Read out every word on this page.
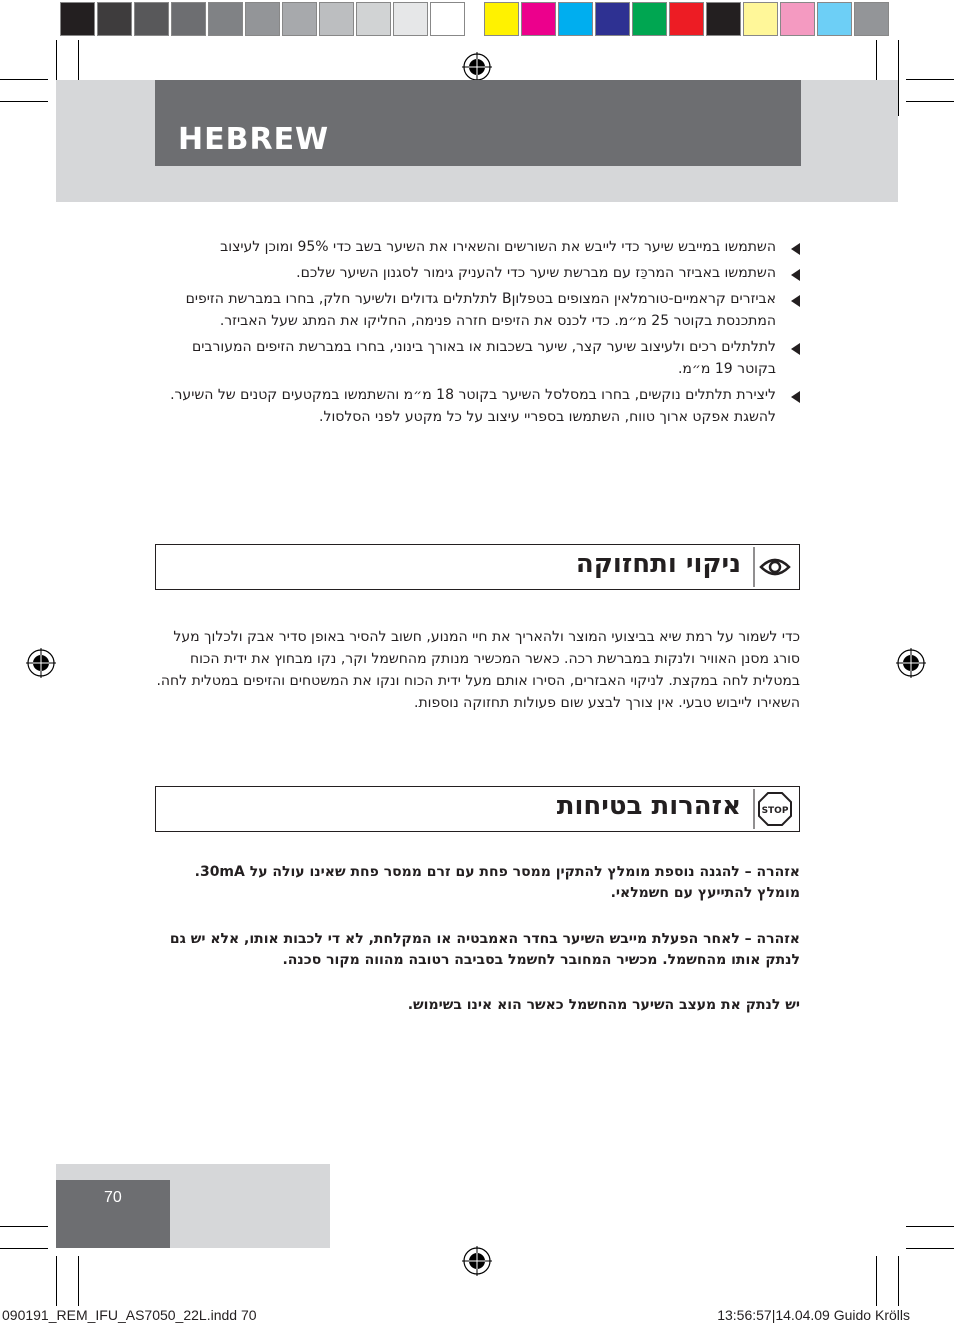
HEBREW
השתמשו במייבש שיער כדי לייבש את השורשים והשאירו את השיער בשב כדי 95% ומוכן לעיצוב
השתמשו באביזר המרכֵּז עם מברשת שיער כדי להעניק גימור לסגנון השיער שלכם.
אביזרים קראמיים-טורמלאין המצופים בטפלוןB לתלתלים גדולים ולשיער חלק, בחרו במברשת הזיפים המתכנסת בקוטר 25 מ״מ. כדי לכנס את הזיפים חזרה פנימה, החליקו את המתג שעל האביזר.
לתלתלים רכים ולעיצוב שיער קצר, שיער בשכבות או באורך בינוני, בחרו במברשת הזיפים המעורבים בקוטר 19 מ״מ.
ליצירת תלתלים נוקשים, בחרו במסלסל השיער בקוטר 18 מ״מ והשתמשו במקטעים קטנים של השיער. להשגת אפקט ארוך טווח, השתמשו בספריי עיצוב על כל מקטע לפני הסלסול.
ניקוי ותחזוקה
כדי לשמור על רמת שיא בביצועי המוצר ולהאריך את חיי המנוע, חשוב להסיר באופן סדיר אבק ולכלוך מעל סורג מסנן האוויר ולנקות במברשת רכה. כאשר המכשיר מנותק מהחשמל וקר, נקו מבחוץ את ידית הכוח במטלית לחה במקצת. לניקוי האבזרים, הסירו אותם מעל ידית הכוח ונקו את המשטחים והזיפים במטלית לחה. השאירו לייבוש טבעי. אין צורך לבצע שום פעולות תחזוקה נוספות.
STOP
אזהרות בטיחות
אזהרה – להגנה נוספת מומלץ להתקין ממסר פחת עם זרם ממסר פחת שאינו עולה על 30mA. מומלץ להתייעץ עם חשמלאי.
אזהרה – לאחר הפעלת מייבש השיער בחדר האמבטיה או המקלחת, לא די לכבות אותו, אלא יש גם לנתק אותו מהחשמל. מכשיר המחובר לחשמל בסביבה רטובה מהווה מקור סכנה.
יש לנתק את מעצב השיער מהחשמל כאשר הוא אינו בשימוש.
70
090191_REM_IFU_AS7050_22L.indd 70	13:56:57|14.04.09 Guido Krölls
